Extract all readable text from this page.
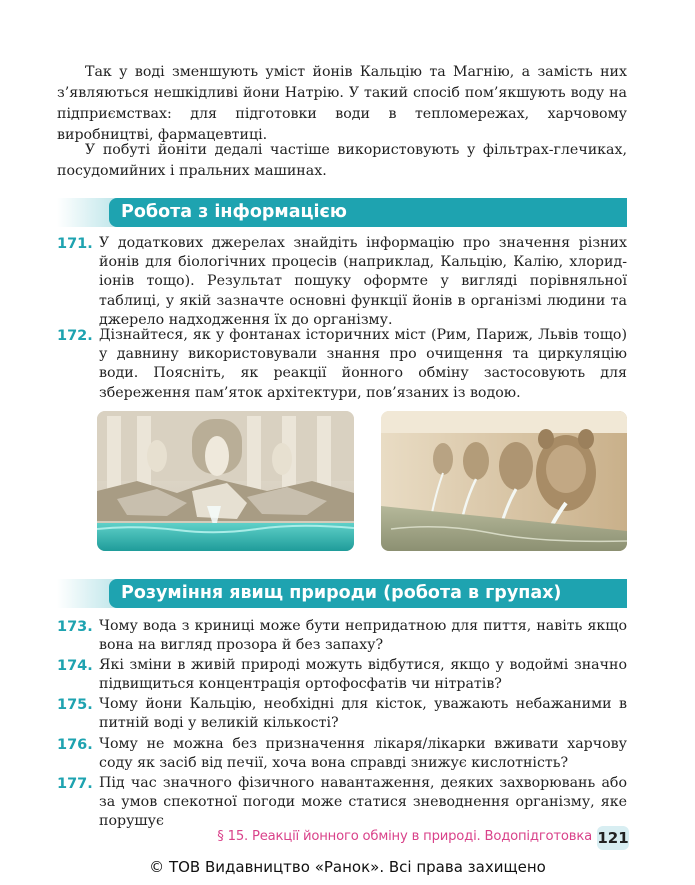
Так у воді зменшують уміст йонів Кальцію та Магнію, а замість них з’являються нешкідливі йони Натрію. У такий спосіб пом’якшують воду на підприємствах: для підготовки води в тепломережах, харчовому виробництві, фармацевтиці.

У побуті йоніти дедалі частіше використовують у фільтрах-глечиках, посудомийних і пральних машинах.

Робота з інформацією
171. У додаткових джерелах знайдіть інформацію про значення різних йонів для біологічних процесів (наприклад, Кальцію, Калію, хлорид-іонів тощо). Результат пошуку оформте у вигляді порівняльної таблиці, у якій зазначте основні функції йонів в організмі людини та джерело надходження їх до організму.

172. Дізнайтеся, як у фонтанах історичних міст (Рим, Париж, Львів тощо) у давнину використовували знання про очищення та циркуляцію води. Поясніть, як реакції йонного обміну застосовують для збереження пам’яток архітектури, пов’язаних із водою.

Розуміння явищ природи (робота в групах)
173. Чому вода з криниці може бути непридатною для пиття, навіть якщо вона на вигляд прозора й без запаху?

174. Які зміни в живій природі можуть відбутися, якщо у водоймі значно підвищиться концентрація ортофосфатів чи нітратів?

175. Чому йони Кальцію, необхідні для кісток, уважають небажаними в питній воді у великій кількості?

176. Чому не можна без призначення лікаря/лікарки вживати харчову соду як засіб від печії, хоча вона справді знижує кислотність?

177. Під час значного фізичного навантаження, деяких захворювань або за умов спекотної погоди може статися зневоднення організму, яке порушує

§ 15. Реакції йонного обміну в природі. Водопідготовка 121
© ТОВ Видавництво «Ранок». Всі права захищено
